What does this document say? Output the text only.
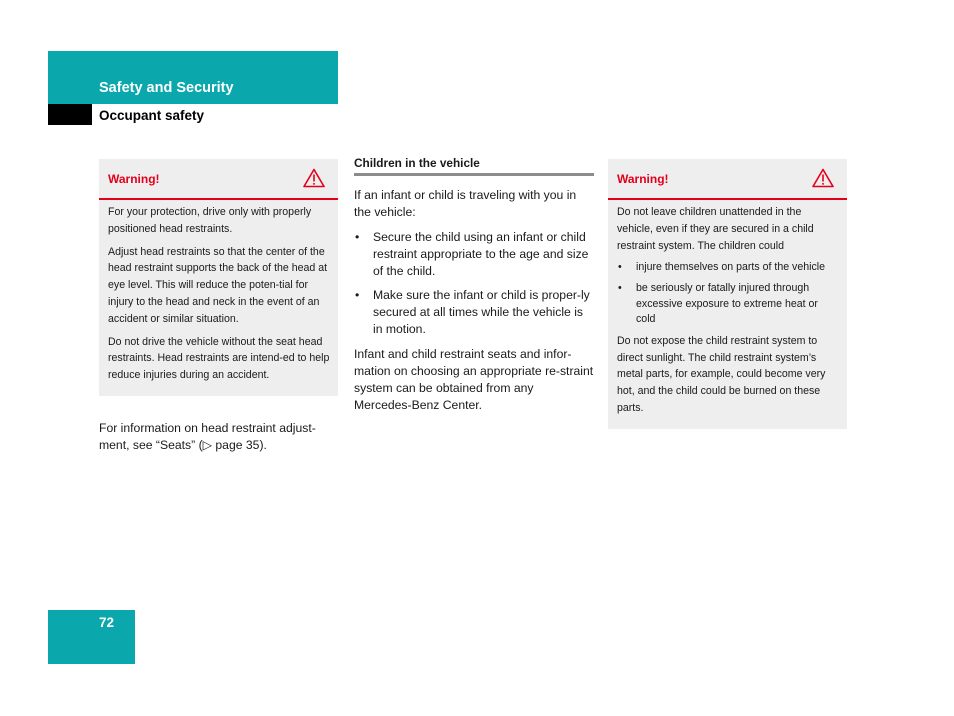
Safety and Security
Occupant safety
Warning!

For your protection, drive only with properly positioned head restraints.

Adjust head restraints so that the center of the head restraint supports the back of the head at eye level. This will reduce the poten-tial for injury to the head and neck in the event of an accident or similar situation.

Do not drive the vehicle without the seat head restraints. Head restraints are intend-ed to help reduce injuries during an accident.

For information on head restraint adjust-ment, see “Seats” (▷ page 35).

Children in the vehicle

If an infant or child is traveling with you in the vehicle:

• Secure the child using an infant or child restraint appropriate to the age and size of the child.
• Make sure the infant or child is proper-ly secured at all times while the vehicle is in motion.

Infant and child restraint seats and infor-mation on choosing an appropriate re-straint system can be obtained from any Mercedes-Benz Center.

Warning!

Do not leave children unattended in the vehicle, even if they are secured in a child restraint system. The children could

• injure themselves on parts of the vehicle
• be seriously or fatally injured through excessive exposure to extreme heat or cold

Do not expose the child restraint system to direct sunlight. The child restraint system’s metal parts, for example, could become very hot, and the child could be burned on these parts.

72
